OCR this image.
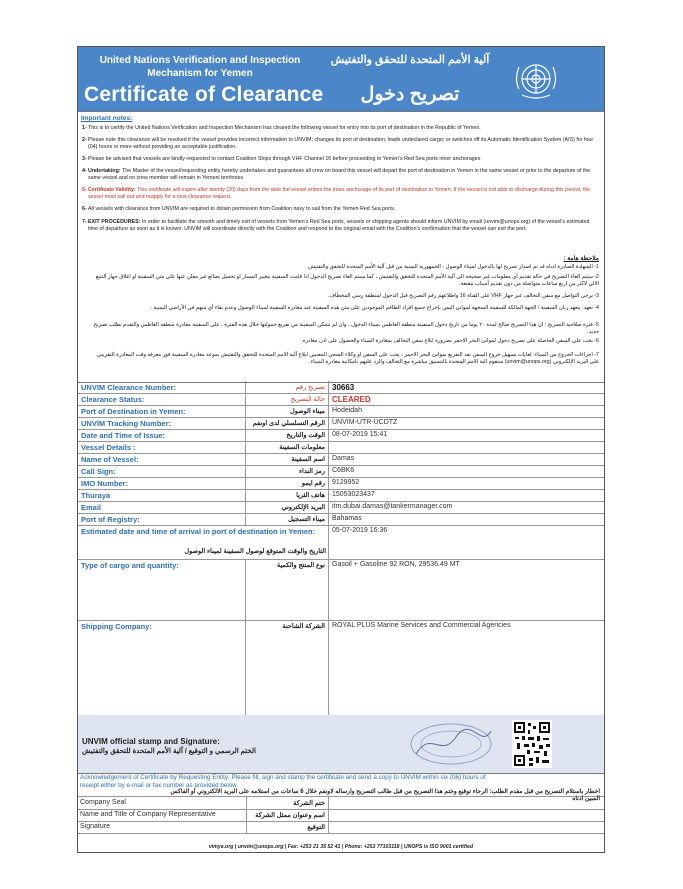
United Nations Verification and Inspection Mechanism for Yemen
Certificate of Clearance
آلية الأمم المتحدة للتحقق والتفتيش
تصريح دخول
Important notes:
1- This is to certify the United Nations Verification and Inspection Mechanism has cleared the following vessel for entry into its port of destination in the Republic of Yemen.
2- Please note this clearance will be revoked if the vessel provides incorrect information to UNVIM; changes its port of destination; loads undeclared cargo; or switches off its Automatic Identification System (AIS) for four (04) hours or more without providing an acceptable justification.
3- Please be advised that vessels are kindly requested to contact Coalition Ships through VHF Channel 16 before proceeding to Yemen's Red Sea ports inner anchorages
4- Undertaking: The Master of the vessel/requesting entity hereby undertakes and guarantees all crew on board this vessel will depart the port of destination in Yemen in the same vessel or prior to the departure of the same vessel and no crew member will remain in Yemeni territories.
5- Certificate Validity: This certificate will expire after twenty (20) days from the date the vessel enters the inner anchorage of its port of destination in Yemen. If the vessel is not able to discharge during this period, the vessel must sail out and reapply for a new clearance request.
6- All vessels with clearance from UNVIM are required to obtain permission from Coalition navy to sail from the Yemen Red Sea ports.
7- EXIT PROCEDURES: In order to facilitate the smooth and timely exit of vessels from Yemen's Red Sea ports, vessels or shipping agents should inform UNVIM by email (unvim@unops.org) of the vessel's estimated time of departure as soon as it is known. UNVIM will coordinate directly with the Coalition and respond to the original email with the Coalition's confirmation that the vessel can exit the port.
ملاحظة هامة :
1- الشهادة الصادرة ادناه قد تم اصدار تصريح لها بالدخول لميناء الوصول - الجمهورية اليمنية من قبل آلية الأمم المتحدة للتحقق والتفتيش.
2- سيتم الغاء التصريح في حالة تقديم أي معلومات غير صحيحة الى آلية الأمم المتحدة للتحقق والتفتيش ، كما سيتم الغاء تصريح الدخول اذا قامت السفينة بتغيير المسار او تحميل بضائع غير معلن عنها على متن السفينة او اغلاق جهاز التتبع الالي لاكثر من اربع ساعات متواصلة من دون تقديم أسباب مقنعة.
3- يرجى التواصل مع سفن التحالف عبر جهاز VHF على القناة 16 واطلاعهم رقم التصريح قبل الدخول لمنطقة رسي المخطاف.
4- تعهد: يتعهد ربان السفينة / الجهة المالكة للسفينة المتجهة لموانئ اليمن بإخراج جميع افراد الطاقم الموجودين على متن هذه السفينة عند مغادرة السفينة لميناء الوصول وعدم بقاء أي منهم في الأراضي اليمنية .
5- فترة صلاحية التصريح : ان هذا التصريح صالح لمدة ٢٠ يوما من تاريخ دخول السفينة منطقة الغاطس بميناء الدخول ، وان لم تتمكن السفينة من تفريغ حمولتها خلال هذه الفترة ، على السفينة مغادرة منطقة الغاطس والتقدم بطلب تصريح جديد.
6- يجب على السفن الحاصلة على تصريح دخول لموانئ البحر الاحمر بضرورة ابلاغ سفن التحالف بمغادرة الميناء والحصول على اذن مغادرة.
7- اجراءات الخروج من الميناء: لغايات تسهيل خروج السفن بعد التفريغ بموانئ البحر الاحمر ، يجب على السفن او وكلاء الشحن المعنيين ابلاغ آلية الامم المتحدة للتحقق والتفتيش بموعد مغادرة السفينة فور معرفة وقت المغادرة التقريبي على البريد الإلكتروني (unvim@unops.org) ستقوم الية الامم المتحدة بالتنسيق مباشرة مع التحالف والرد عليهم بامكانية مغادرة الميناء.
UNVIM Clearance Number:	تصريح رقم 30663
Clearance Status:	حالة التصريح CLEARED
Port of Destination in Yemen:	ميناء الوصول	Hodeidah
UNVIM Tracking Number:	الرقم التسلسلي لدى اونفم	UNVIM-UTR-UCDTZ
Date and Time of Issue:	الوقت والتاريخ	08-07-2019 15:41
Vessel Details :	معلومات السفينة
Name of Vessel:	اسم السفينة	Damas
Call Sign:	رمز النداء	C6BK6
IMO Number:	رقم ايمو	9129952
Thuraya	هاتف الثريا	15053023437
Email	البريد الإلكتروني	itm.dubai.damas@tankermanager.com
Port of Registry:	ميناء التسجيل	Bahamas
Estimated date and time of arrival in port of destination in Yemen:
التاريخ والوقت المتوقع لوصول السفينة لميناء الوصول
05-07-2019 16:36
Type of cargo and quantity:	نوع المنتج والكمية	Gasoil + Gasoline 92 RON, 29536.49 MT
Shipping Company:	الشركة الشاحنة	ROYAL PLUS Marine Services and Commercial Agencies
UNVIM official stamp and Signature:
الختم الرسمي و التوقيع / آلية الأمم المتحدة للتحقق والتفتيش
Acknowledgement of Certificate by Requesting Entity: Please fill, sign and stamp the certificate and send a copy to UNVIM within six (06) hours of receipt either by e-mail or fax number as provided below
اخطار باستلام التصريح من قبل مقدم الطلب: الرجاء توقيع وختم هذا التصريح من قبل طالب التصريح وارساله لاونفم خلال 6 ساعات من استلامه على البريد الالكتروني او الفاكس المبين ادناه
Company Seal	ختم الشركة
Name and Title of Company Representative	اسم وعنوان ممثل الشركة
Signature	التوقيع
vimye.org | unvim@unops.org | Fax: +253 21 35 52 41 | Phone: +253 77103118 | UNOPS is ISO 9001 certified
